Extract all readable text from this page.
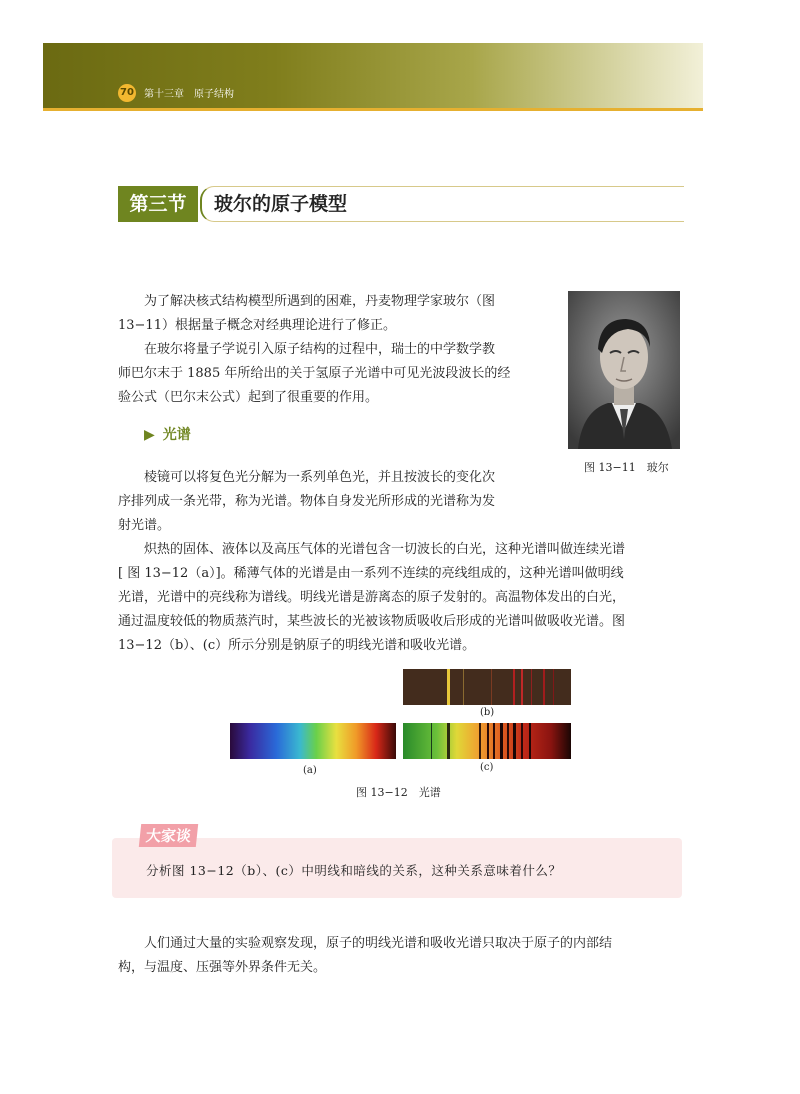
70 第十三章　原子结构
第三节	玻尔的原子模型
为了解决核式结构模型所遇到的困难，丹麦物理学家玻尔（图
13−11）根据量子概念对经典理论进行了修正。
在玻尔将量子学说引入原子结构的过程中，瑞士的中学数学教
师巴尔末于 1885 年所给出的关于氢原子光谱中可见光波段波长的经
验公式（巴尔末公式）起到了很重要的作用。
图 13−11　玻尔
▶ 光谱
棱镜可以将复色光分解为一系列单色光，并且按波长的变化次
序排列成一条光带，称为光谱。物体自身发光所形成的光谱称为发
射光谱。
炽热的固体、液体以及高压气体的光谱包含一切波长的白光，这种光谱叫做连续光谱
[ 图 13−12（a）]。稀薄气体的光谱是由一系列不连续的亮线组成的，这种光谱叫做明线
光谱，光谱中的亮线称为谱线。明线光谱是游离态的原子发射的。高温物体发出的白光，
通过温度较低的物质蒸汽时，某些波长的光被该物质吸收后形成的光谱叫做吸收光谱。图
13−12（b）、(c）所示分别是钠原子的明线光谱和吸收光谱。
(b)
(a)	(c)
图 13−12　光谱
大家谈
分析图 13−12（b）、(c）中明线和暗线的关系，这种关系意味着什么？
人们通过大量的实验观察发现，原子的明线光谱和吸收光谱只取决于原子的内部结
构，与温度、压强等外界条件无关。
